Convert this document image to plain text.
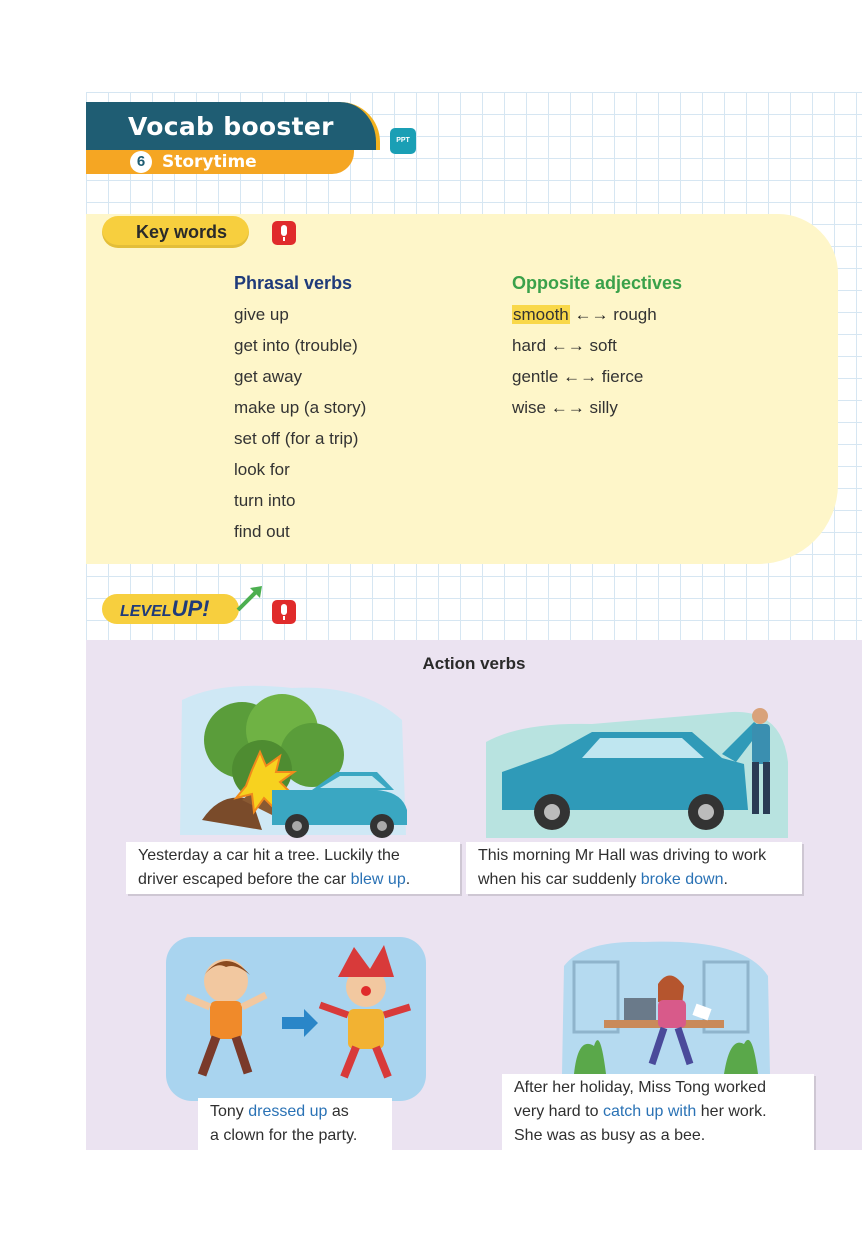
Vocab booster
6 Storytime
PPT
Key words
Phrasal verbs
give up
get into (trouble)
get away
make up (a story)
set off (for a trip)
look for
turn into
find out
Opposite adjectives
smooth ←→ rough
hard ←→ soft
gentle ←→ fierce
wise ←→ silly
LEVELUP!
Action verbs
Yesterday a car hit a tree. Luckily the
driver escaped before the car blew up.
This morning Mr Hall was driving to work
when his car suddenly broke down.
Tony dressed up as
a clown for the party.
After her holiday, Miss Tong worked
very hard to catch up with her work.
She was as busy as a bee.
